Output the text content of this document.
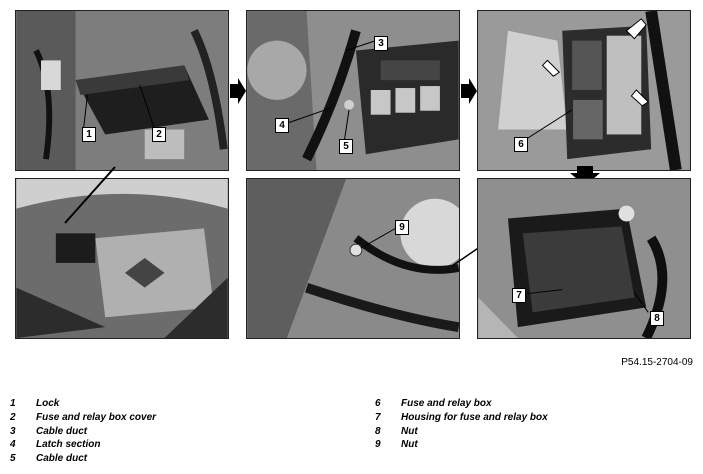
1	2
3
4
5	6
9
7
8
P54.15-2704-09
1 Lock
2 Fuse and relay box cover
3 Cable duct
4 Latch section
5 Cable duct
6 Fuse and relay box
7 Housing for fuse and relay box
8 Nut
9 Nut
